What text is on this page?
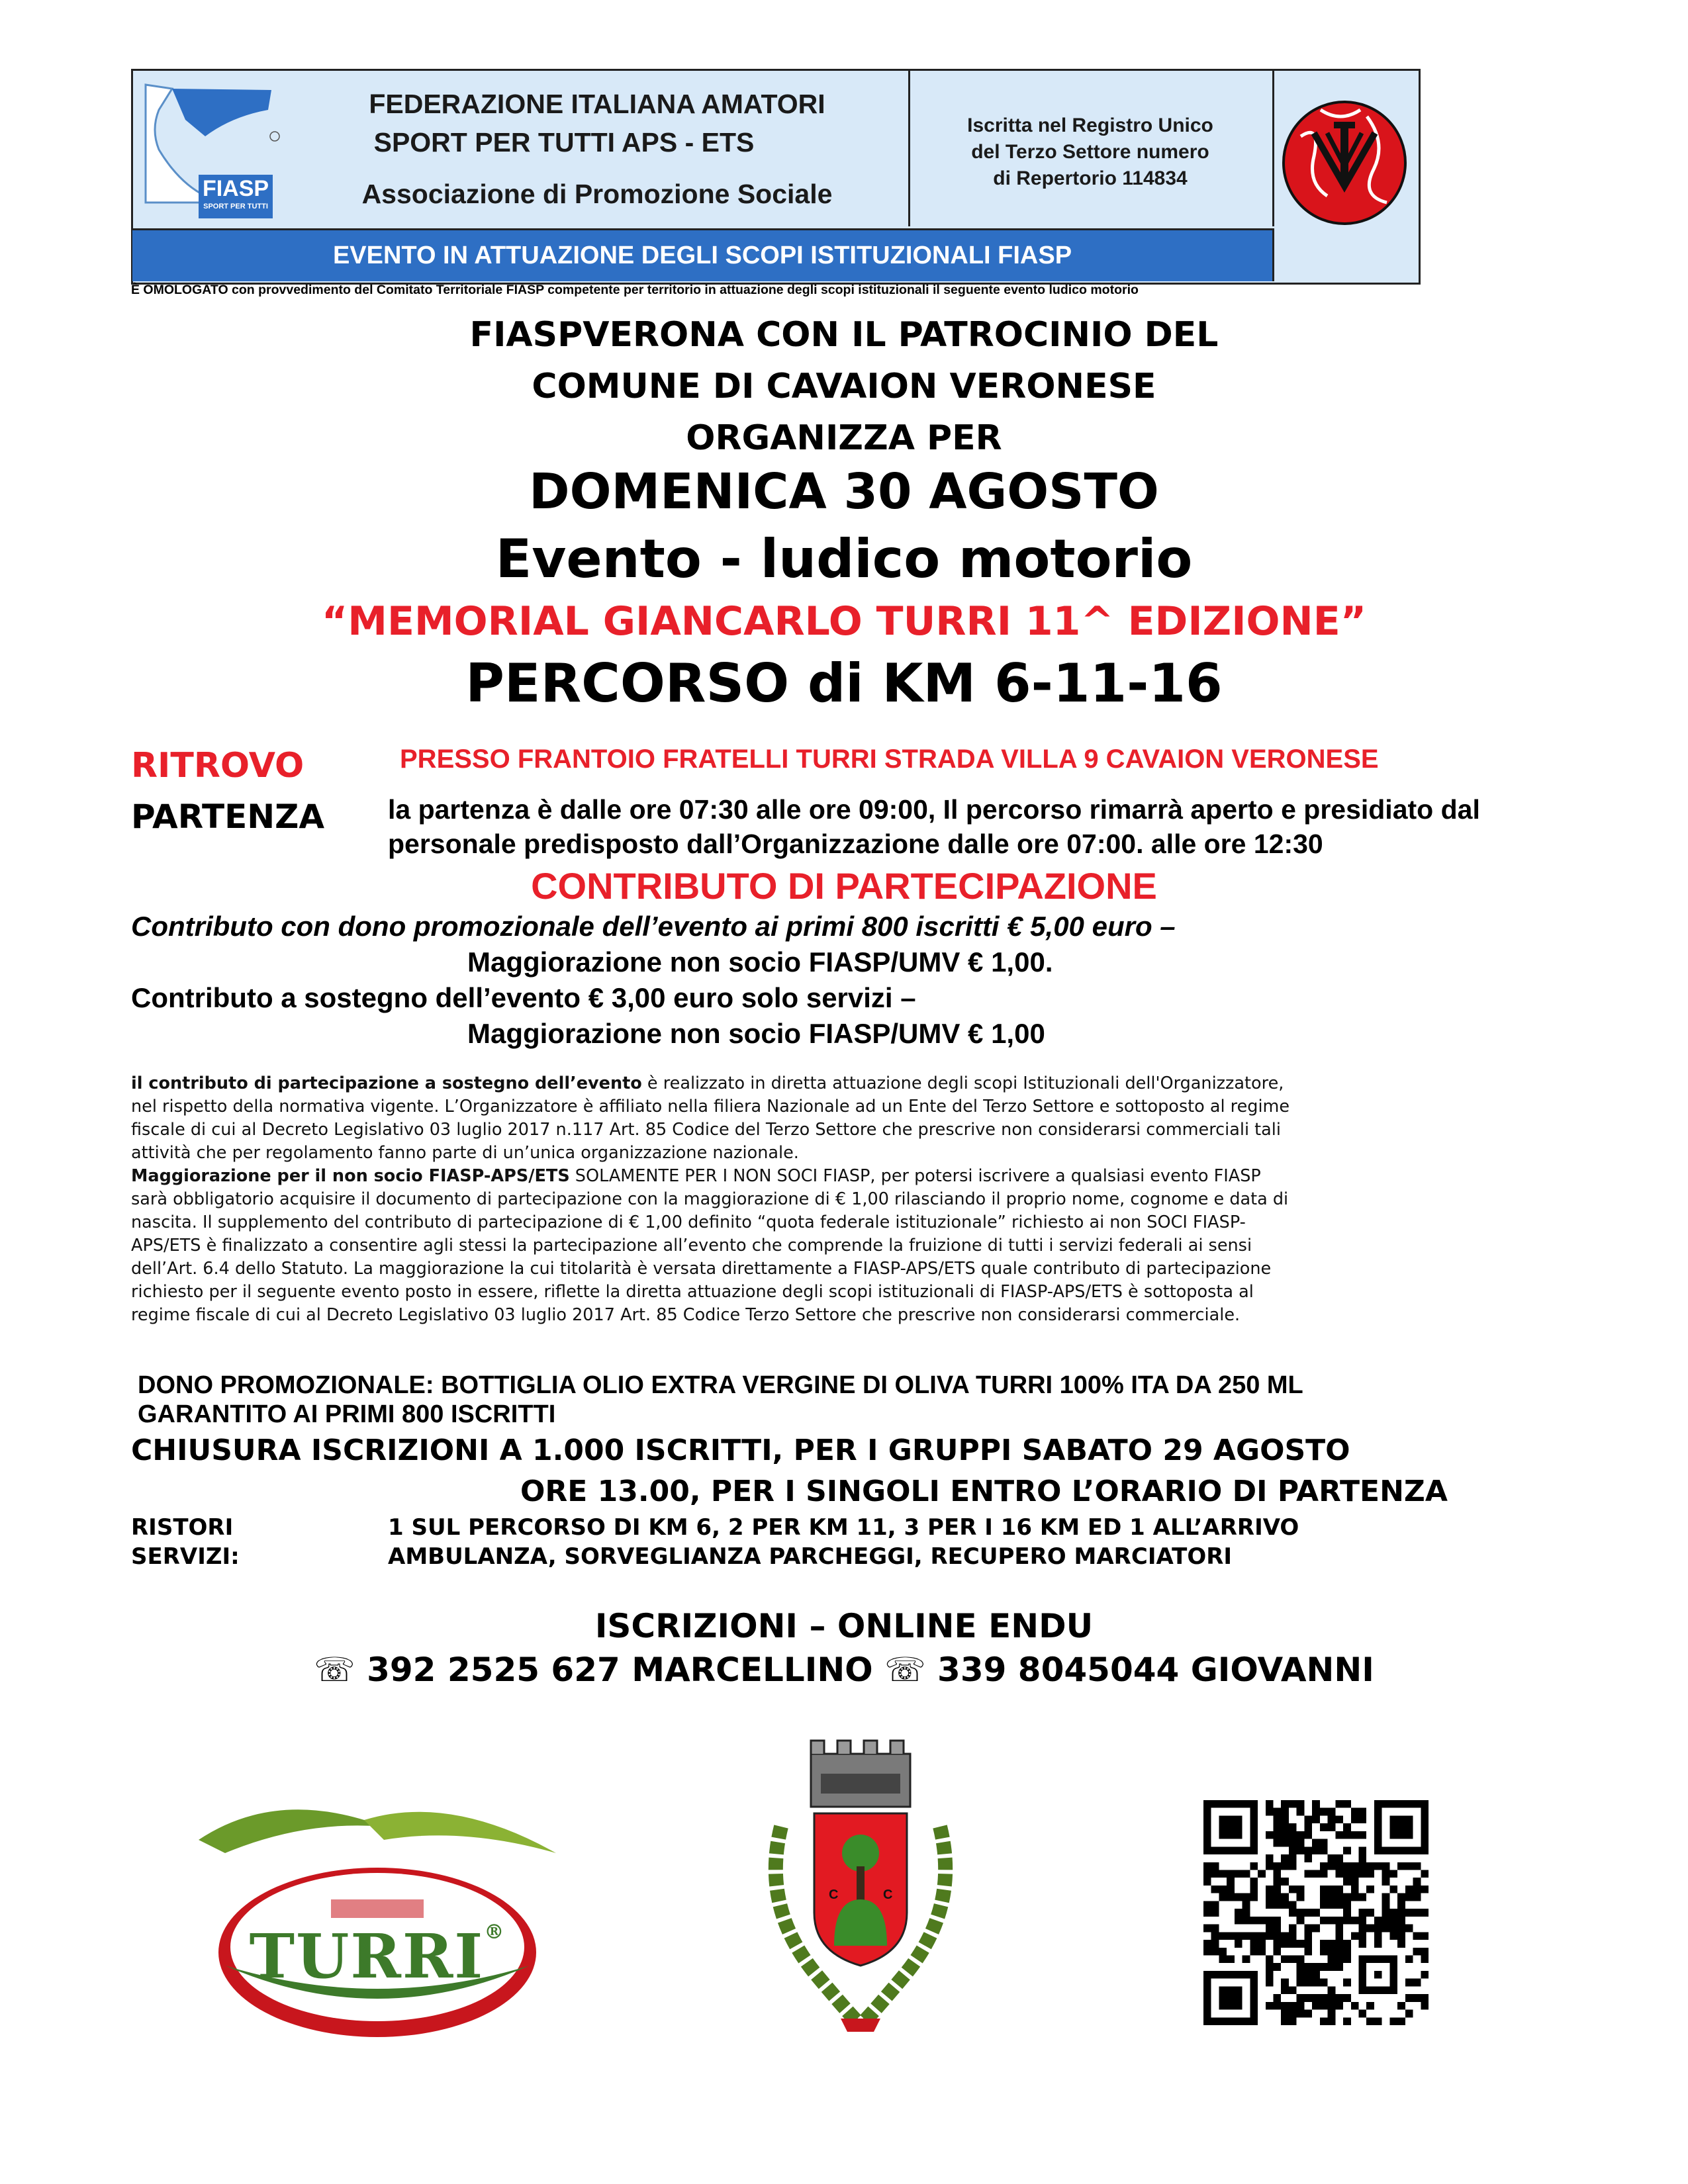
FIASP
SPORT PER TUTTI
FEDERAZIONE ITALIANA AMATORI
SPORT PER TUTTI APS - ETS
Associazione di Promozione Sociale
Iscritta nel Registro Unico
del Terzo Settore numero
di Repertorio 114834
EVENTO IN ATTUAZIONE DEGLI SCOPI ISTITUZIONALI FIASP
È OMOLOGATO con provvedimento del Comitato Territoriale FIASP competente per territorio in attuazione degli scopi istituzionali il seguente evento ludico motorio
FIASPVERONA CON IL PATROCINIO DEL
COMUNE DI CAVAION VERONESE
ORGANIZZA PER
DOMENICA 30 AGOSTO
Evento - ludico motorio
“MEMORIAL GIANCARLO TURRI 11^ EDIZIONE”
PERCORSO di KM 6-11-16
RITROVO	PRESSO FRANTOIO FRATELLI TURRI STRADA VILLA 9 CAVAION VERONESE
PARTENZA la partenza è dalle ore 07:30 alle ore 09:00, Il percorso rimarrà aperto e presidiato dal
personale predisposto dall’Organizzazione dalle ore 07:00. alle ore 12:30
CONTRIBUTO DI PARTECIPAZIONE
Contributo con dono promozionale dell’evento ai primi 800 iscritti € 5,00 euro –
Maggiorazione non socio FIASP/UMV € 1,00.
Contributo a sostegno dell’evento € 3,00 euro solo servizi –
Maggiorazione non socio FIASP/UMV € 1,00
il contributo di partecipazione a sostegno dell’evento è realizzato in diretta attuazione degli scopi Istituzionali dell'Organizzatore,
nel rispetto della normativa vigente. L’Organizzatore è affiliato nella filiera Nazionale ad un Ente del Terzo Settore e sottoposto al regime
fiscale di cui al Decreto Legislativo 03 luglio 2017 n.117 Art. 85 Codice del Terzo Settore che prescrive non considerarsi commerciali tali
attività che per regolamento fanno parte di un’unica organizzazione nazionale.
Maggiorazione per il non socio FIASP-APS/ETS SOLAMENTE PER I NON SOCI FIASP, per potersi iscrivere a qualsiasi evento FIASP
sarà obbligatorio acquisire il documento di partecipazione con la maggiorazione di € 1,00 rilasciando il proprio nome, cognome e data di
nascita. Il supplemento del contributo di partecipazione di € 1,00 definito “quota federale istituzionale” richiesto ai non SOCI FIASP-
APS/ETS è finalizzato a consentire agli stessi la partecipazione all’evento che comprende la fruizione di tutti i servizi federali ai sensi
dell’Art. 6.4 dello Statuto. La maggiorazione la cui titolarità è versata direttamente a FIASP-APS/ETS quale contributo di partecipazione
richiesto per il seguente evento posto in essere, riflette la diretta attuazione degli scopi istituzionali di FIASP-APS/ETS è sottoposta al
regime fiscale di cui al Decreto Legislativo 03 luglio 2017 Art. 85 Codice Terzo Settore che prescrive non considerarsi commerciale.
DONO PROMOZIONALE: BOTTIGLIA OLIO EXTRA VERGINE DI OLIVA TURRI 100% ITA DA 250 ML
GARANTITO AI PRIMI 800 ISCRITTI
CHIUSURA ISCRIZIONI A 1.000 ISCRITTI, PER I GRUPPI SABATO 29 AGOSTO
ORE 13.00, PER I SINGOLI ENTRO L’ORARIO DI PARTENZA
RISTORI	1 SUL PERCORSO DI KM 6, 2 PER KM 11, 3 PER I 16 KM ED 1 ALL’ARRIVO
SERVIZI:	AMBULANZA, SORVEGLIANZA PARCHEGGI, RECUPERO MARCIATORI
ISCRIZIONI – ONLINE ENDU
☏ 392 2525 627 MARCELLINO ☏ 339 8045044 GIOVANNI
TURRI®
C	C
